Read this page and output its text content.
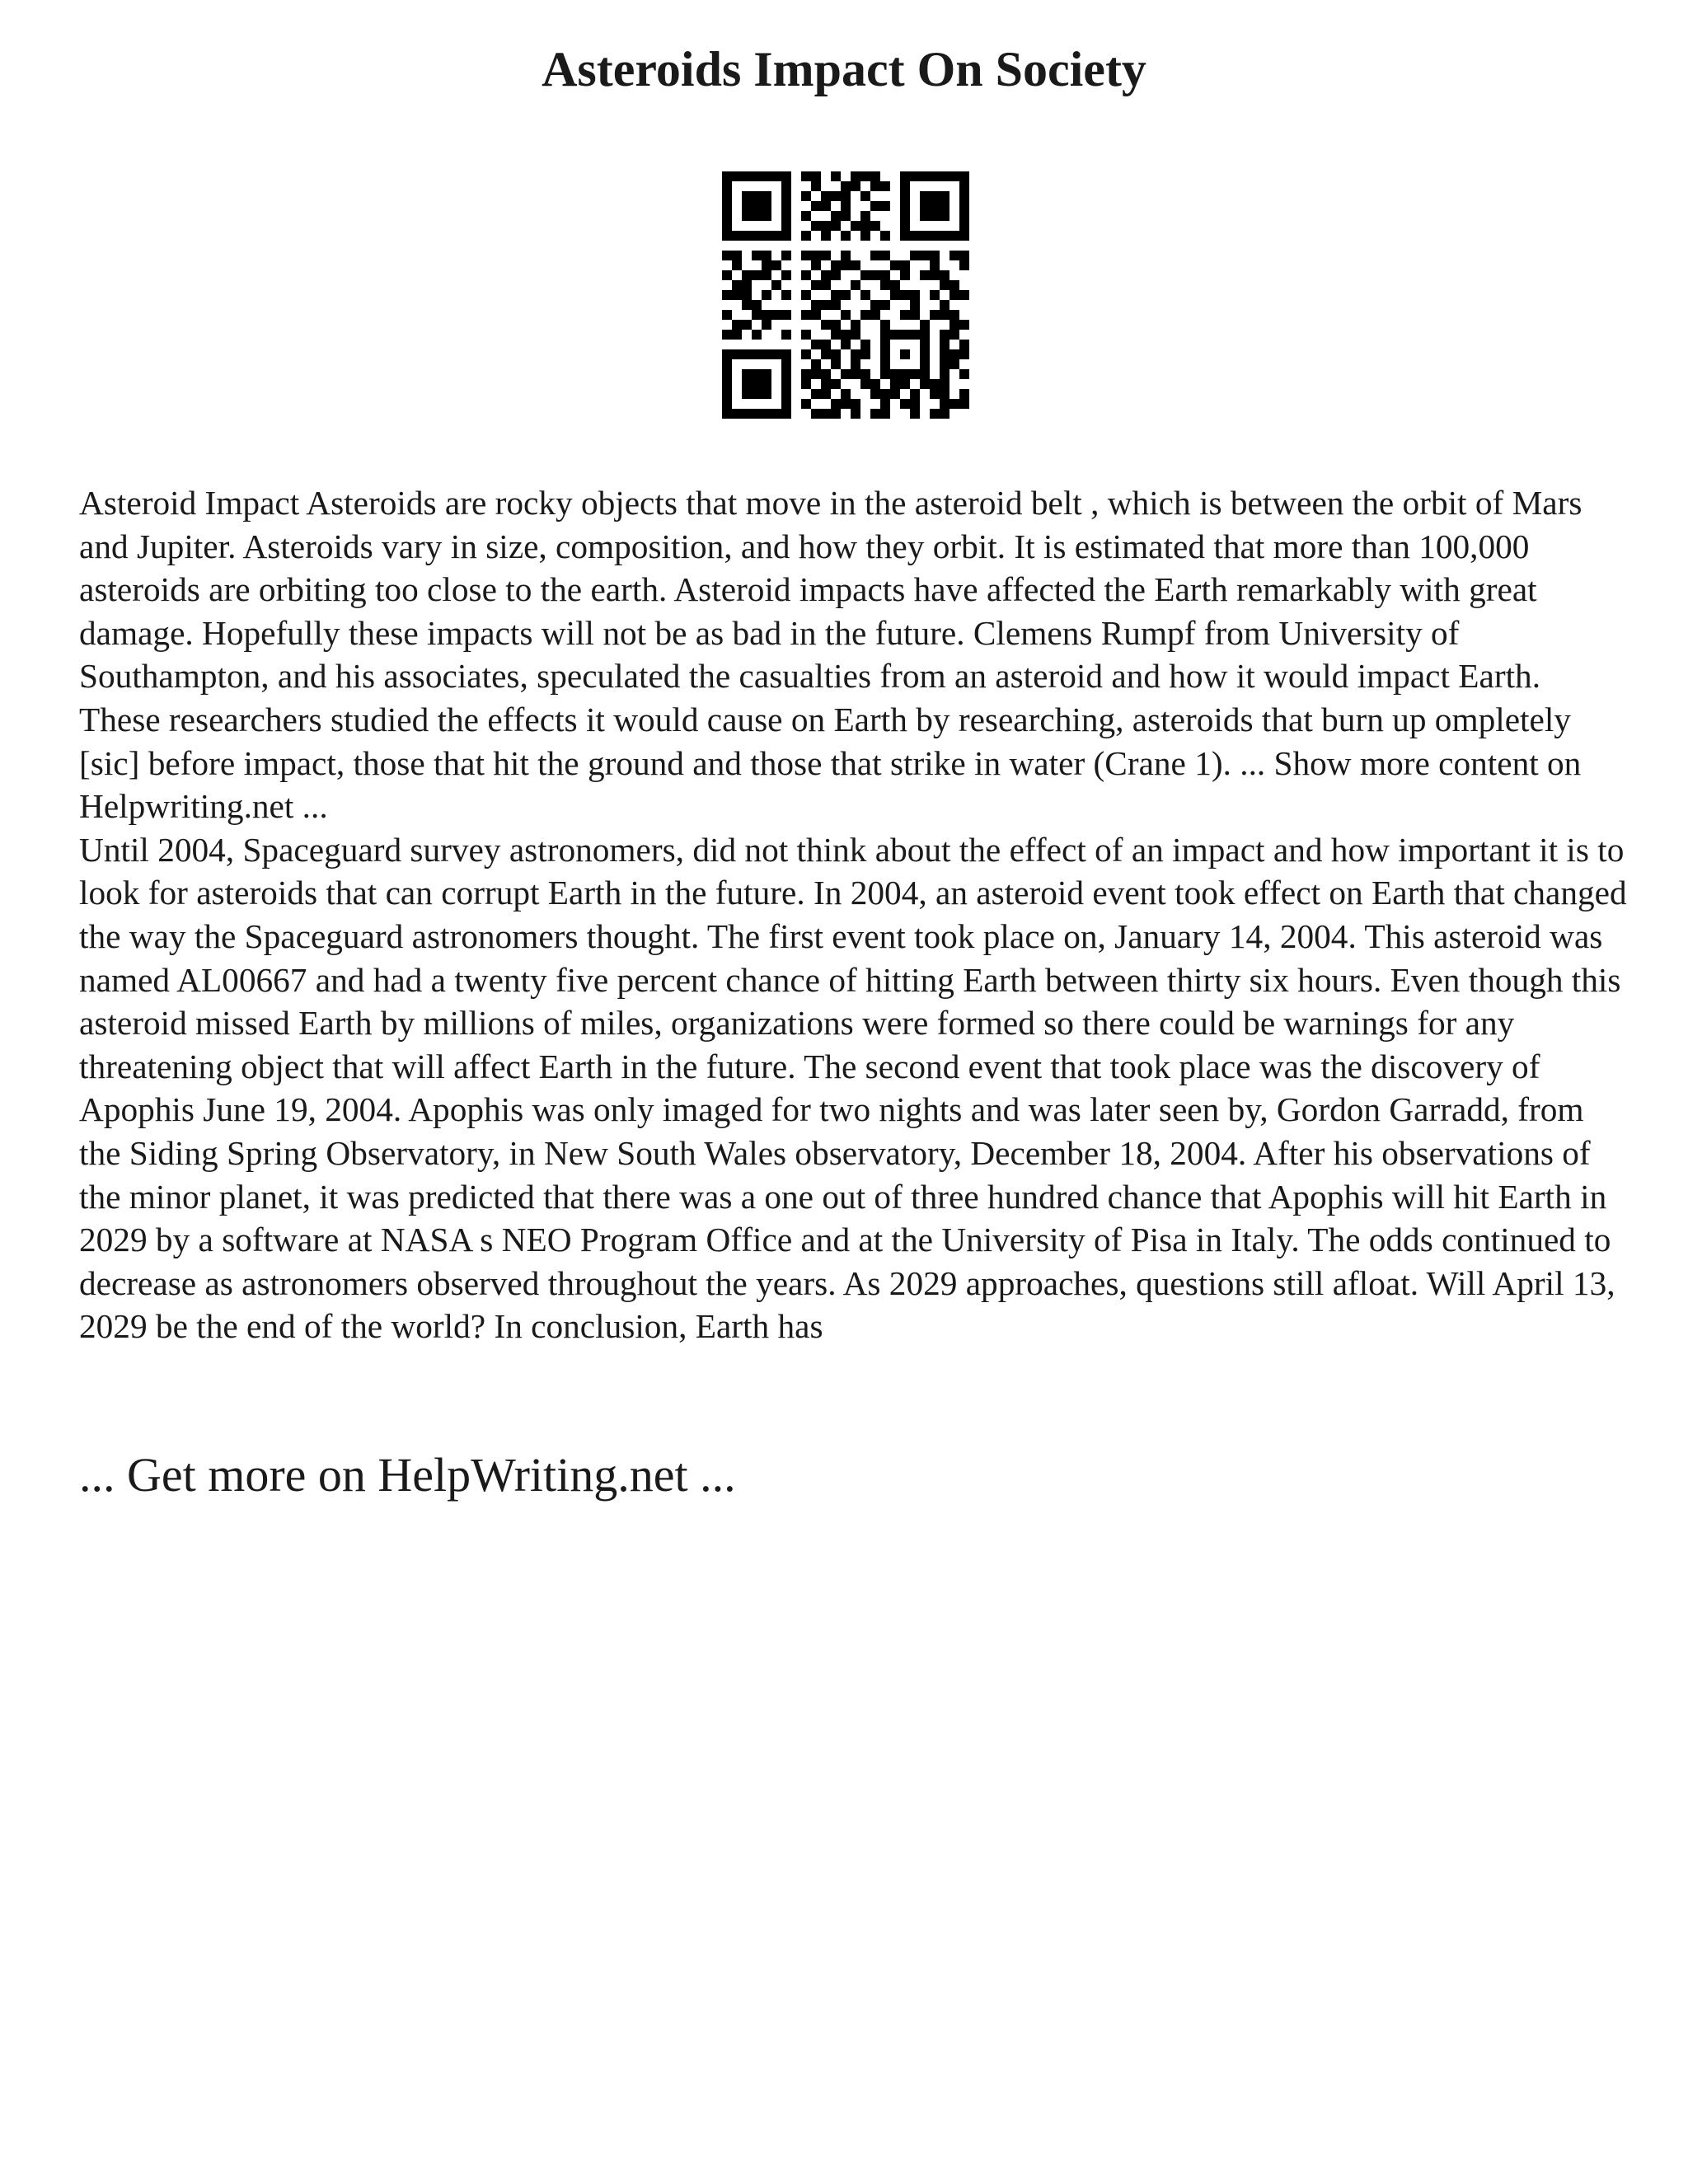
Asteroids Impact On Society

Asteroid Impact Asteroids are rocky objects that move in the asteroid belt , which is between the orbit of Mars and Jupiter. Asteroids vary in size, composition, and how they orbit. It is estimated that more than 100,000 asteroids are orbiting too close to the earth. Asteroid impacts have affected the Earth remarkably with great damage. Hopefully these impacts will not be as bad in the future. Clemens Rumpf from University of Southampton, and his associates, speculated the casualties from an asteroid and how it would impact Earth. These researchers studied the effects it would cause on Earth by researching, asteroids that burn up ompletely [sic] before impact, those that hit the ground and those that strike in water (Crane 1). ... Show more content on Helpwriting.net ...

Until 2004, Spaceguard survey astronomers, did not think about the effect of an impact and how important it is to look for asteroids that can corrupt Earth in the future. In 2004, an asteroid event took effect on Earth that changed the way the Spaceguard astronomers thought. The first event took place on, January 14, 2004. This asteroid was named AL00667 and had a twenty five percent chance of hitting Earth between thirty six hours. Even though this asteroid missed Earth by millions of miles, organizations were formed so there could be warnings for any threatening object that will affect Earth in the future. The second event that took place was the discovery of Apophis June 19, 2004. Apophis was only imaged for two nights and was later seen by, Gordon Garradd, from the Siding Spring Observatory, in New South Wales observatory, December 18, 2004. After his observations of the minor planet, it was predicted that there was a one out of three hundred chance that Apophis will hit Earth in 2029 by a software at NASA s NEO Program Office and at the University of Pisa in Italy. The odds continued to decrease as astronomers observed throughout the years. As 2029 approaches, questions still afloat. Will April 13, 2029 be the end of the world? In conclusion, Earth has

... Get more on HelpWriting.net ...
